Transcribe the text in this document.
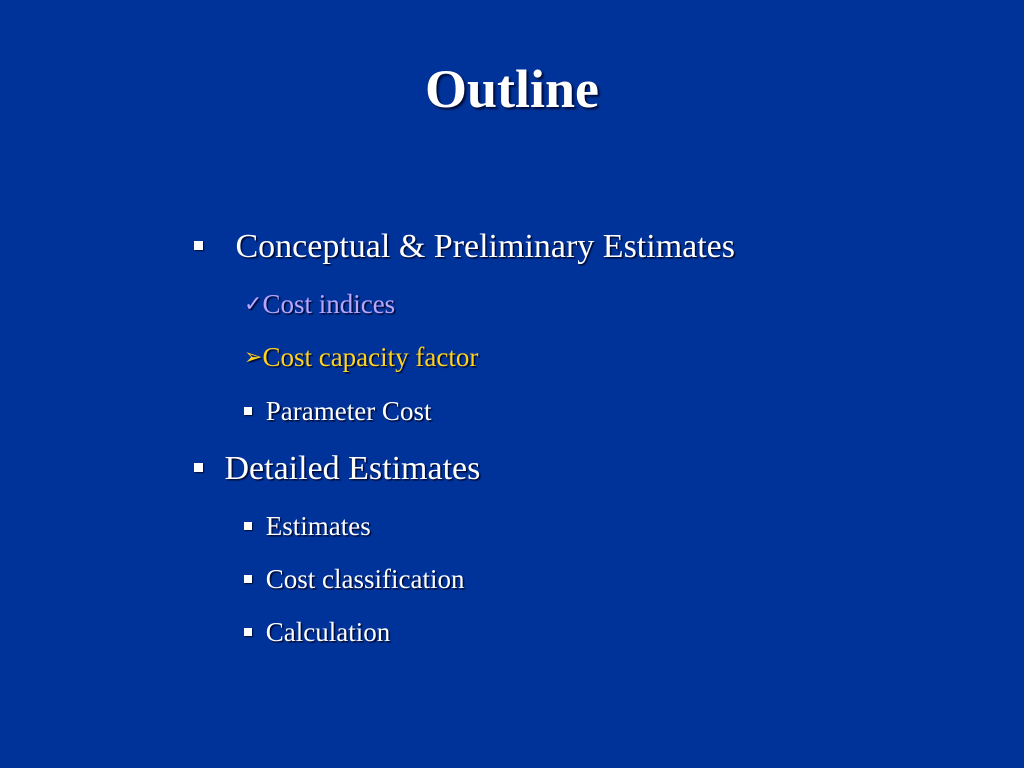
Outline
Conceptual & Preliminary Estimates
✓Cost indices
➢Cost capacity factor
Parameter Cost
Detailed Estimates
Estimates
Cost classification
Calculation
